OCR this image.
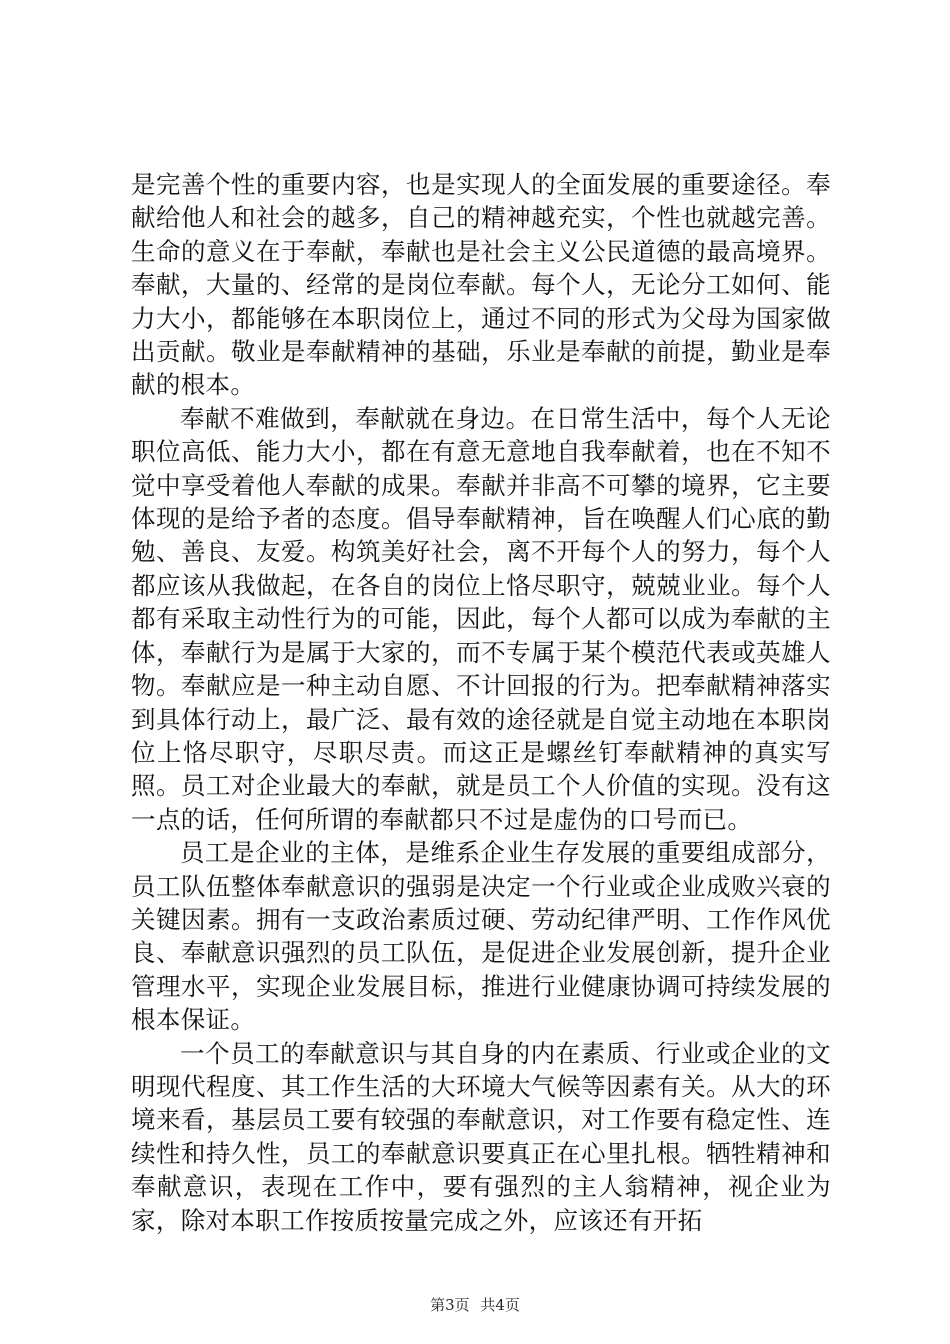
是完善个性的重要内容，也是实现人的全面发展的重要途径。奉献给他人和社会的越多，自己的精神越充实，个性也就越完善。生命的意义在于奉献，奉献也是社会主义公民道德的最高境界。奉献，大量的、经常的是岗位奉献。每个人，无论分工如何、能力大小，都能够在本职岗位上，通过不同的形式为父母为国家做出贡献。敬业是奉献精神的基础，乐业是奉献的前提，勤业是奉献的根本。

奉献不难做到，奉献就在身边。在日常生活中，每个人无论职位高低、能力大小，都在有意无意地自我奉献着，也在不知不觉中享受着他人奉献的成果。奉献并非高不可攀的境界，它主要体现的是给予者的态度。倡导奉献精神，旨在唤醒人们心底的勤勉、善良、友爱。构筑美好社会，离不开每个人的努力，每个人都应该从我做起，在各自的岗位上恪尽职守，兢兢业业。每个人都有采取主动性行为的可能，因此，每个人都可以成为奉献的主体，奉献行为是属于大家的，而不专属于某个模范代表或英雄人物。奉献应是一种主动自愿、不计回报的行为。把奉献精神落实到具体行动上，最广泛、最有效的途径就是自觉主动地在本职岗位上恪尽职守，尽职尽责。而这正是螺丝钉奉献精神的真实写照。员工对企业最大的奉献，就是员工个人价值的实现。没有这一点的话，任何所谓的奉献都只不过是虚伪的口号而已。

员工是企业的主体，是维系企业生存发展的重要组成部分，员工队伍整体奉献意识的强弱是决定一个行业或企业成败兴衰的关键因素。拥有一支政治素质过硬、劳动纪律严明、工作作风优良、奉献意识强烈的员工队伍，是促进企业发展创新，提升企业管理水平，实现企业发展目标，推进行业健康协调可持续发展的根本保证。

一个员工的奉献意识与其自身的内在素质、行业或企业的文明现代程度、其工作生活的大环境大气候等因素有关。从大的环境来看，基层员工要有较强的奉献意识，对工作要有稳定性、连续性和持久性，员工的奉献意识要真正在心里扎根。牺牲精神和奉献意识，表现在工作中，要有强烈的主人翁精神，视企业为家，除对本职工作按质按量完成之外，应该还有开拓

第3页 共4页
